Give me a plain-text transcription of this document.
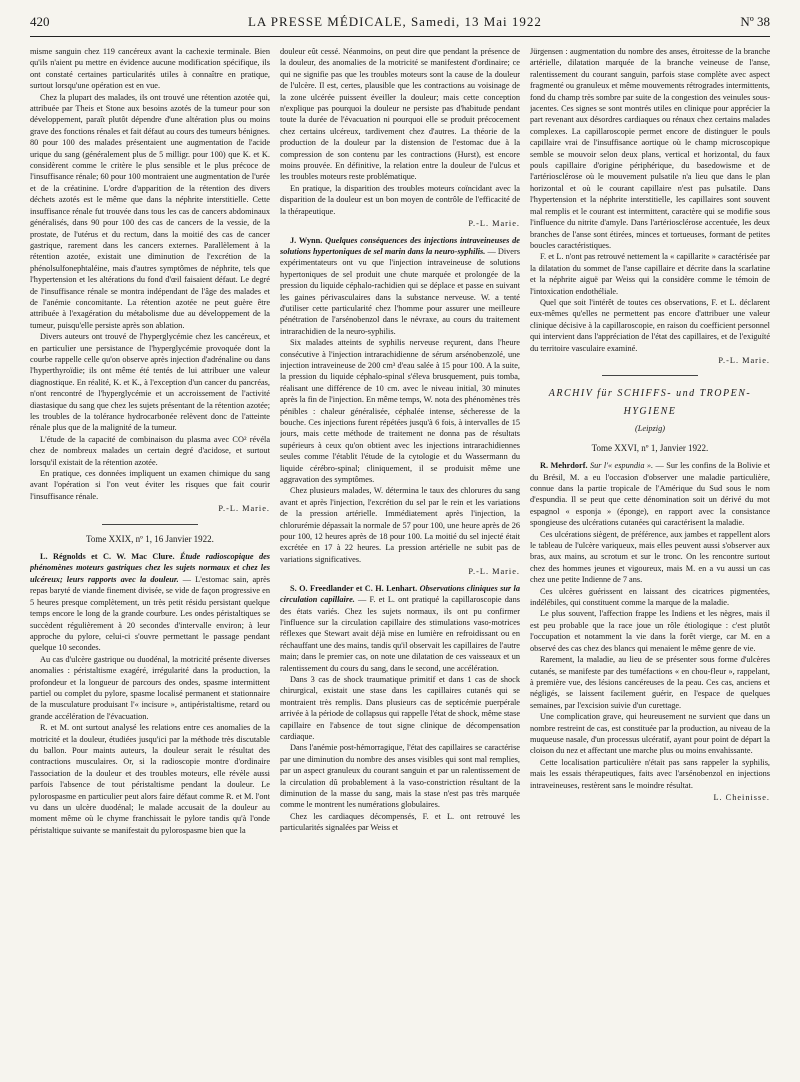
420	LA PRESSE MÉDICALE, Samedi, 13 Mai 1922	Nº 38

misme sanguin chez 119 cancéreux avant la cachexie terminale. Bien qu'ils n'aient pu mettre en évidence aucune modification spécifique, ils ont constaté certaines particularités utiles à connaître en pratique, surtout lorsqu'une opération est en vue.

Chez la plupart des malades, ils ont trouvé une rétention azotée qui, attribuée par Theis et Stone aux besoins azotés de la tumeur pour son développement, paraît plutôt dépendre d'une altération plus ou moins grave des fonctions rénales et fait défaut au cours des tumeurs bénignes. 80 pour 100 des malades présentaient une augmentation de l'acide urique du sang (généralement plus de 5 milligr. pour 100) que K. et K. considèrent comme le critère le plus sensible et le plus précoce de l'insuffisance rénale; 60 pour 100 montraient une augmentation de l'urée et de la créatinine. L'ordre d'apparition de la rétention des divers déchets azotés est le même que dans la néphrite interstitielle. Cette insuffisance rénale fut trouvée dans tous les cas de cancers abdominaux généralisés, dans 90 pour 100 des cas de cancers de la vessie, de la prostate, de l'utérus et du rectum, dans la moitié des cas de cancer gastrique, rarement dans les cancers externes. Parallèlement à la rétention azotée, existait une diminution de l'excrétion de la phénolsulfonephtaléine, mais d'autres symptômes de néphrite, tels que l'hypertension et les altérations du fond d'œil faisaient défaut. Le degré de l'insuffisance rénale se montra indépendant de l'âge des malades et de l'anémie concomitante. La rétention azotée ne peut guère être attribuée à l'exagération du métabolisme due au développement de la tumeur, puisqu'elle persiste après son ablation.

Divers auteurs ont trouvé de l'hyperglycémie chez les cancéreux, et en particulier une persistance de l'hyperglycémie provoquée dont la courbe rappelle celle qu'on observe après injection d'adrénaline ou dans l'hyperthyroïdie; ils ont même été tentés de lui attribuer une valeur diagnostique. En réalité, K. et K., à l'exception d'un cancer du pancréas, n'ont rencontré de l'hyperglycémie et un accroissement de l'activité diastasique du sang que chez les sujets présentant de la rétention azotée; les troubles de la tolérance hydrocarbonée relèvent donc de l'atteinte rénale plus que de la malignité de la tumeur.

L'étude de la capacité de combinaison du plasma avec CO² révéla chez de nombreux malades un certain degré d'acidose, et surtout lorsqu'il existait de la rétention azotée.

En pratique, ces données impliquent un examen chimique du sang avant l'opération si l'on veut éviter les risques que fait courir l'insuffisance rénale.

P.-L. Marie.
Tome XXIX, nº 1, 16 Janvier 1922.

L. Régnolds et C. W. Mac Clure. Étude radioscopique des phénomènes moteurs gastriques chez les sujets normaux et chez les ulcéreux; leurs rapports avec la douleur. — L'estomac sain, après repas baryté de viande finement divisée, se vide de façon progressive en 5 heures presque complètement, un très petit résidu persistant quelque temps encore le long de la grande courbure. Les ondes péristaltiques se succèdent régulièrement à 20 secondes d'intervalle environ; à leur approche du pylore, celui-ci s'ouvre permettant le passage pendant quelque 10 secondes.

Au cas d'ulcère gastrique ou duodénal, la motricité présente diverses anomalies : péristaltisme exagéré, irrégularité dans la production, la profondeur et la longueur de parcours des ondes, spasme intermittent partiel ou complet du pylore, spasme localisé permanent et stationnaire de la musculature produisant l'« incisure », antipéristaltisme, retard ou grande accélération de l'évacuation.

R. et M. ont surtout analysé les relations entre ces anomalies de la motricité et la douleur, étudiées jusqu'ici par la méthode très discutable du ballon. Pour maints auteurs, la douleur serait le résultat des contractions musculaires. Or, si la radioscopie montre d'ordinaire l'association de la douleur et des troubles moteurs, elle révèle aussi parfois l'absence de tout péristaltisme pendant la douleur. Le pylorospasme en particulier peut alors faire défaut comme R. et M. l'ont vu dans un ulcère duodénal; le malade accusait de la douleur au moment même où le chyme franchissait le pylore tandis qu'à l'onde péristaltique suivante se manifestait du pylorospasme bien que la

douleur eût cessé. Néanmoins, on peut dire que pendant la présence de la douleur, des anomalies de la motricité se manifestent d'ordinaire; ce qui ne signifie pas que les troubles moteurs sont la cause de la douleur de l'ulcère. Il est, certes, plausible que les contractions au voisinage de la zone ulcérée puissent éveiller la douleur; mais cette conception n'explique pas pourquoi la douleur ne persiste pas d'habitude pendant toute la durée de l'évacuation ni pourquoi elle se produit précocement chez certains ulcéreux, tardivement chez d'autres. La théorie de la production de la douleur par la distension de l'estomac due à la compression de son contenu par les contractions (Hurst), est encore moins prouvée. En définitive, la relation entre la douleur de l'ulcus et les troubles moteurs reste problématique.

En pratique, la disparition des troubles moteurs coïncidant avec la disparition de la douleur est un bon moyen de contrôle de l'efficacité de la thérapeutique.

P.-L. Marie.

J. Wynn. Quelques conséquences des injections intraveineuses de solutions hypertoniques de sel marin dans la neuro-syphilis. — Divers expérimentateurs ont vu que l'injection intraveineuse de solutions hypertoniques de sel produit une chute marquée et prolongée de la pression du liquide céphalo-rachidien qui se déplace et passe en suivant les gaines périvasculaires dans la substance nerveuse. W. a tenté d'utiliser cette particularité chez l'homme pour assurer une meilleure pénétration de l'arsénobenzol dans le névraxe, au cours du traitement intrarachidien de la neuro-syphilis.

Six malades atteints de syphilis nerveuse reçurent, dans l'heure consécutive à l'injection intrarachidienne de sérum arsénobenzolé, une injection intraveineuse de 200 cm³ d'eau salée à 15 pour 100. A la suite, la pression du liquide céphalo-spinal s'éleva brusquement, puis tomba, réalisant une différence de 10 cm. avec le niveau initial, 30 minutes après la fin de l'injection. En même temps, W. nota des phénomènes très pénibles : chaleur généralisée, céphalée intense, sécheresse de la bouche. Ces injections furent répétées jusqu'à 6 fois, à intervalles de 15 jours, mais cette méthode de traitement ne donna pas de résultats supérieurs à ceux qu'on obtient avec les injections intrarachidiennes seules comme l'établit l'étude de la cytologie et du Wassermann du liquide cérébro-spinal; cliniquement, il se produisit même une aggravation des symptômes.

Chez plusieurs malades, W. détermina le taux des chlorures du sang avant et après l'injection, l'excrétion du sel par le rein et les variations de la pression artérielle. Immédiatement après l'injection, la chlorurémie dépassait la normale de 57 pour 100, une heure après de 26 pour 100, 12 heures après de 18 pour 100. La moitié du sel injecté était excrétée en 17 à 22 heures. La pression artérielle ne subit pas de variations significatives.

P.-L. Marie.

S. O. Freedlander et C. H. Lenhart. Observations cliniques sur la circulation capillaire. — F. et L. ont pratiqué la capillaroscopie dans des états variés. Chez les sujets normaux, ils ont pu confirmer l'influence sur la circulation capillaire des stimulations vaso-motrices réflexes que Stewart avait déjà mise en lumière en refroidissant ou en réchauffant une des mains, tandis qu'il observait les capillaires de l'autre main; dans le premier cas, on note une dilatation de ces vaisseaux et un ralentissement du cours du sang, dans le second, une accélération.

Dans 3 cas de shock traumatique primitif et dans 1 cas de shock chirurgical, existait une stase dans les capillaires cutanés qui se montraient très remplis. Dans plusieurs cas de septicémie puerpérale arrivée à la période de collapsus qui rappelle l'état de shock, même stase capillaire en l'absence de tout signe clinique de décompensation cardiaque.

Dans l'anémie post-hémorragique, l'état des capillaires se caractérise par une diminution du nombre des anses visibles qui sont mal remplies, par un aspect granuleux du courant sanguin et par un ralentissement de la circulation dû probablement à la vaso-constriction résultant de la diminution de la masse du sang, mais la stase n'est pas très marquée comme le montrent les numérations globulaires.

Chez les cardiaques décompensés, F. et L. ont retrouvé les particularités signalées par Weiss et

Jürgensen : augmentation du nombre des anses, étroitesse de la branche artérielle, dilatation marquée de la branche veineuse de l'anse, ralentissement du courant sanguin, parfois stase complète avec aspect fragmenté ou granuleux et même mouvements rétrogrades intermittents, fond du champ très sombre par suite de la congestion des veinules sous-jacentes. Ces signes se sont montrés utiles en clinique pour apprécier la part revenant aux désordres cardiaques ou rénaux chez certains malades complexes. La capillaroscopie permet encore de distinguer le pouls capillaire vrai de l'insuffisance aortique où le champ microscopique semble se mouvoir selon deux plans, vertical et horizontal, du faux pouls capillaire d'origine périphérique, du basedowisme et de l'artériosclérose où le mouvement pulsatile n'a lieu que dans le plan horizontal et où le courant capillaire n'est pas pulsatile. Dans l'hypertension et la néphrite interstitielle, les capillaires sont souvent mal remplis et le courant est intermittent, caractère qui se modifie sous l'influence du nitrite d'amyle. Dans l'artériosclérose accentuée, les deux branches de l'anse sont étirées, minces et tortueuses, formant de petites boucles caractéristiques.

F. et L. n'ont pas retrouvé nettement la « capillarite » caractérisée par la dilatation du sommet de l'anse capillaire et décrite dans la scarlatine et la néphrite aiguë par Weiss qui la considère comme le témoin de l'intoxication endothéliale.

Quel que soit l'intérêt de toutes ces observations, F. et L. déclarent eux-mêmes qu'elles ne permettent pas encore d'attribuer une valeur clinique décisive à la capillaroscopie, en raison du coefficient personnel qui intervient dans l'appréciation de l'état des capillaires, et de l'exiguïté du territoire vasculaire examiné.

P.-L. Marie.
ARCHIV für SCHIFFS- und TROPEN-
HYGIENE
(Leipzig)
Tome XXVI, nº 1, Janvier 1922.

R. Mehrdorf. Sur l'« espundia ». — Sur les confins de la Bolivie et du Brésil, M. a eu l'occasion d'observer une maladie particulière, connue dans la partie tropicale de l'Amérique du Sud sous le nom d'espundia. Il se peut que cette dénomination soit un dérivé du mot espagnol « esponja » (éponge), en rapport avec la consistance spongieuse des ulcérations cutanées qui caractérisent la maladie.

Ces ulcérations siègent, de préférence, aux jambes et rappellent alors le tableau de l'ulcère variqueux, mais elles peuvent aussi s'observer aux bras, aux mains, au scrotum et sur le tronc. On les rencontre surtout chez des hommes jeunes et vigoureux, mais M. en a vu aussi un cas chez une petite Indienne de 7 ans.

Ces ulcères guérissent en laissant des cicatrices pigmentées, indélébiles, qui constituent comme la marque de la maladie.

Le plus souvent, l'affection frappe les Indiens et les nègres, mais il est peu probable que la race joue un rôle étiologique : c'est plutôt l'occupation et notamment la vie dans la forêt vierge, car M. en a observé des cas chez des blancs qui menaient le même genre de vie.

Rarement, la maladie, au lieu de se présenter sous forme d'ulcères cutanés, se manifeste par des tuméfactions « en chou-fleur », rappelant, à première vue, des lésions cancéreuses de la peau. Ces cas, anciens et négligés, se laissent facilement guérir, en l'espace de quelques semaines, par l'excision suivie d'un curettage.

Une complication grave, qui heureusement ne survient que dans un nombre restreint de cas, est constituée par la production, au niveau de la muqueuse nasale, d'un processus ulcératif, ayant pour point de départ la cloison du nez et affectant une marche plus ou moins envahissante.

Cette localisation particulière n'était pas sans rappeler la syphilis, mais les essais thérapeutiques, faits avec l'arsénobenzol en injections intraveineuses, restèrent sans le moindre résultat.

L. Cheinisse.
